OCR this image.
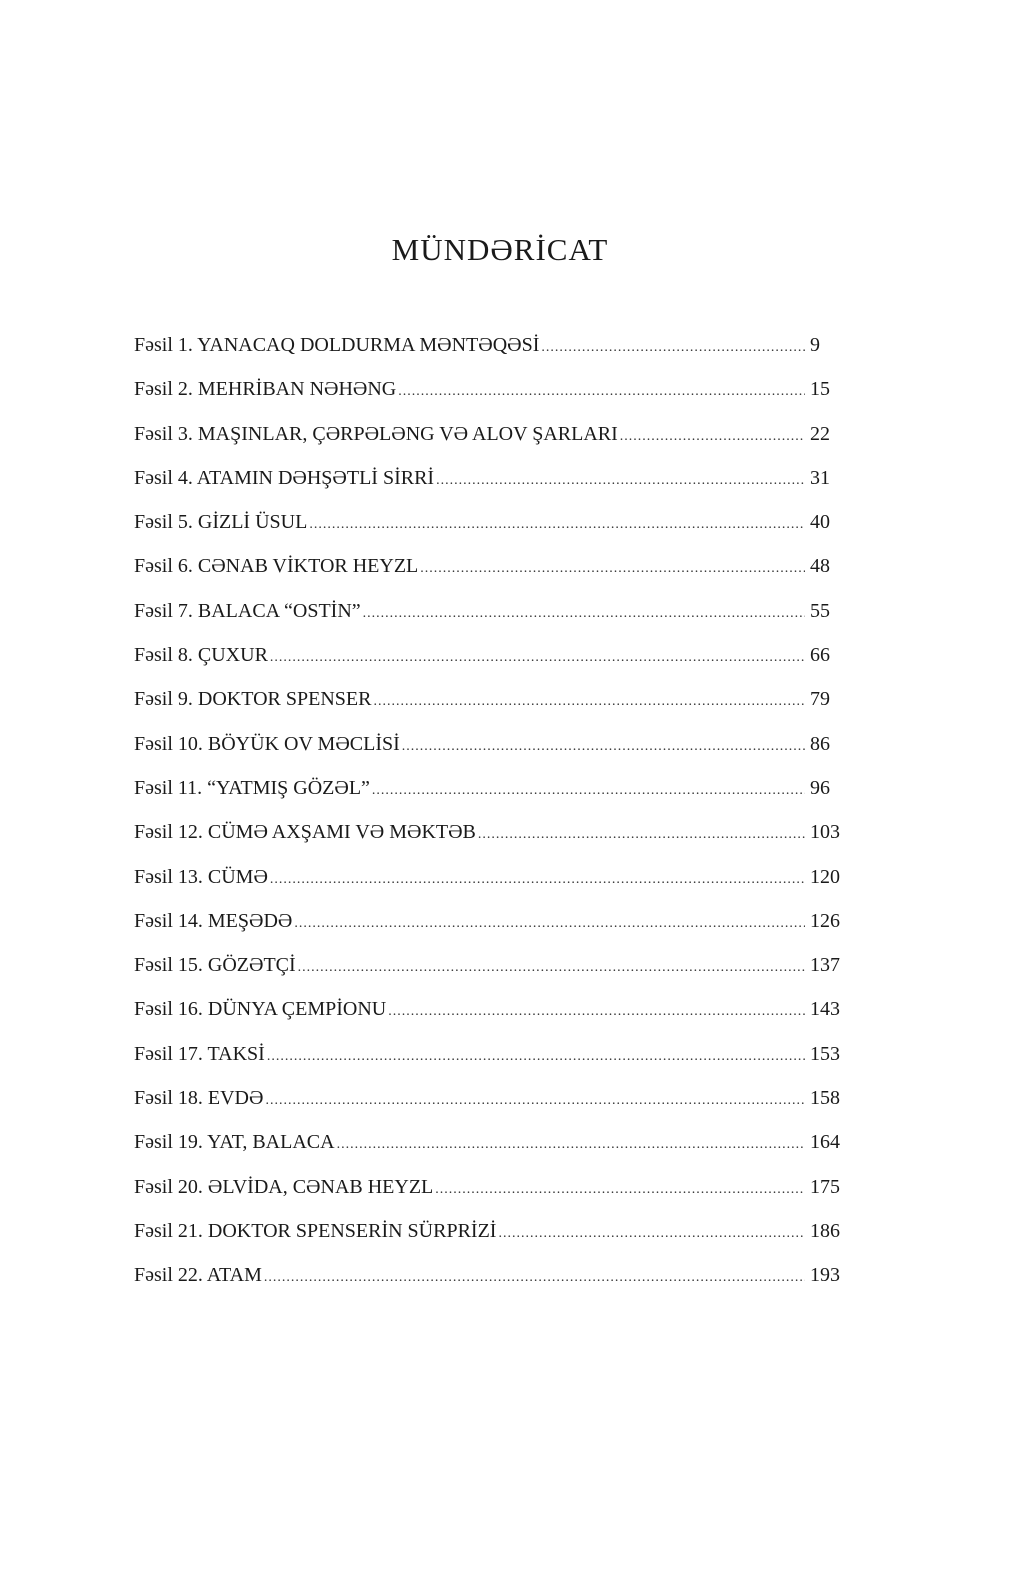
MÜNDƏRİCAT
Fəsil 1. YANACAQ DOLDURMA MƏNTƏQƏSİ .....	9
Fəsil 2. MEHRİBAN NƏHƏNG .....	15
Fəsil 3. MAŞINLAR, ÇƏRPƏLƏNG VƏ ALOV ŞARLARI .....	22
Fəsil 4. ATAMIN DƏHŞƏTLİ SİRRİ .....	31
Fəsil 5. GİZLİ ÜSUL .....	40
Fəsil 6. CƏNAB VİKTOR HEYZL .....	48
Fəsil 7. BALACA “OSTİN” .....	55
Fəsil 8. ÇUXUR .....	66
Fəsil 9. DOKTOR SPENSER .....	79
Fəsil 10. BÖYÜK OV MƏCLİSİ .....	86
Fəsil 11. “YATMIŞ GÖZƏL” .....	96
Fəsil 12. CÜMƏ AXŞAMI VƏ MƏKTƏB .....	103
Fəsil 13. CÜMƏ .....	120
Fəsil 14. MEŞƏDƏ .....	126
Fəsil 15. GÖZƏTÇİ .....	137
Fəsil 16. DÜNYA ÇEMPİONU .....	143
Fəsil 17. TAKSİ .....	153
Fəsil 18. EVDƏ .....	158
Fəsil 19. YAT, BALACA .....	164
Fəsil 20. ƏLVİDA, CƏNAB HEYZL .....	175
Fəsil 21. DOKTOR SPENSERİN SÜRPRİZİ .....	186
Fəsil 22. ATAM .....	193
